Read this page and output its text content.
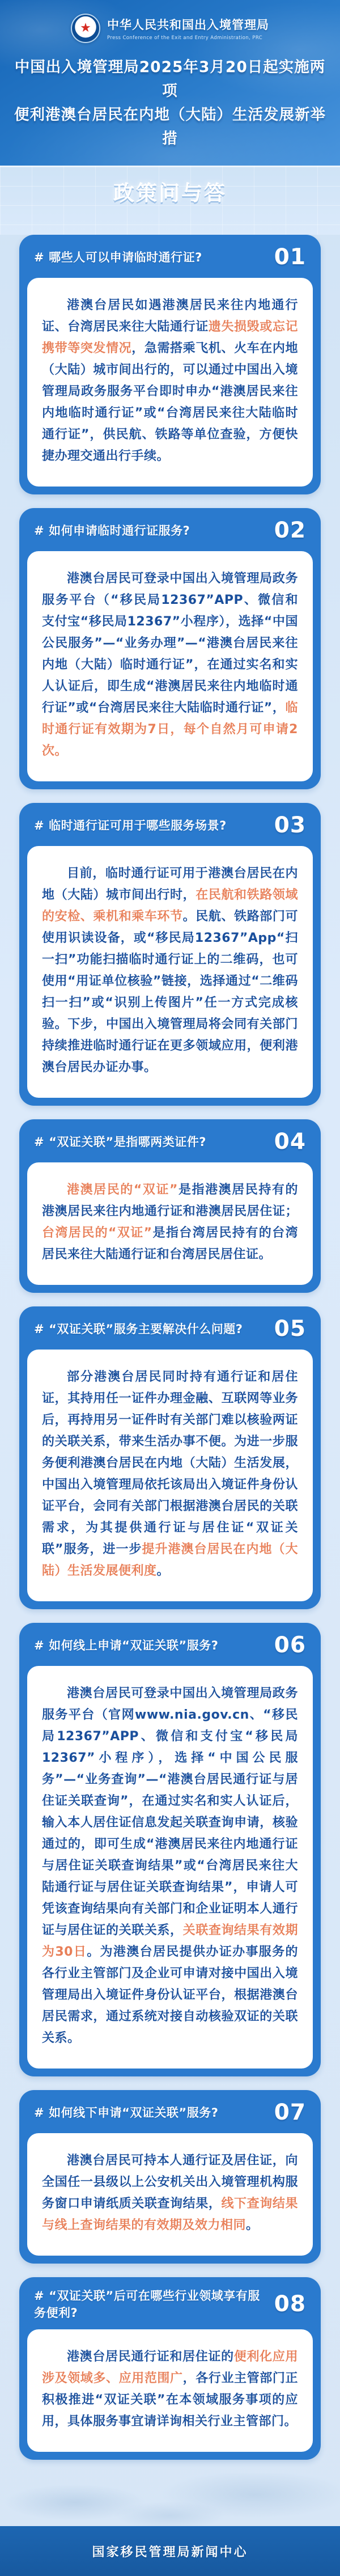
★	中华人民共和国出入境管理局
Press Conference of the Exit and Entry Administration, PRC
中国出入境管理局2025年3月20日起实施两项
便利港澳台居民在内地（大陆）生活发展新举措
政策问与答
# 哪些人可以申请临时通行证?	01

港澳台居民如遇港澳居民来往内地通行证、台湾居民来往大陆通行证遗失损毁或忘记携带等突发情况，急需搭乘飞机、火车在内地（大陆）城市间出行的，可以通过中国出入境管理局政务服务平台即时申办“港澳居民来往内地临时通行证”或“台湾居民来往大陆临时通行证”，供民航、铁路等单位查验，方便快捷办理交通出行手续。

# 如何申请临时通行证服务?	02

港澳台居民可登录中国出入境管理局政务服务平台（“移民局12367”APP、微信和支付宝“移民局12367”小程序），选择“中国公民服务”—“业务办理”—“港澳台居民来往内地（大陆）临时通行证”，在通过实名和实人认证后，即生成“港澳居民来往内地临时通行证”或“台湾居民来往大陆临时通行证”，临时通行证有效期为7日，每个自然月可申请2次。

# 临时通行证可用于哪些服务场景? 03

目前，临时通行证可用于港澳台居民在内地（大陆）城市间出行时，在民航和铁路领域的安检、乘机和乘车环节。民航、铁路部门可使用识读设备，或“移民局12367”App“扫一扫”功能扫描临时通行证上的二维码，也可使用“用证单位核验”链接，选择通过“二维码扫一扫”或“识别上传图片”任一方式完成核验。下步，中国出入境管理局将会同有关部门持续推进临时通行证在更多领域应用，便利港澳台居民办证办事。

# “双证关联”是指哪两类证件?	04

港澳居民的“双证”是指港澳居民持有的港澳居民来往内地通行证和港澳居民居住证；台湾居民的“双证”是指台湾居民持有的台湾居民来往大陆通行证和台湾居民居住证。

# “双证关联”服务主要解决什么问题? 05

部分港澳台居民同时持有通行证和居住证，其持用任一证件办理金融、互联网等业务后，再持用另一证件时有关部门难以核验两证的关联关系，带来生活办事不便。为进一步服务便利港澳台居民在内地（大陆）生活发展，中国出入境管理局依托该局出入境证件身份认证平台，会同有关部门根据港澳台居民的关联需求，为其提供通行证与居住证“双证关联”服务，进一步提升港澳台居民在内地（大陆）生活发展便利度。

# 如何线上申请“双证关联”服务?	06

港澳台居民可登录中国出入境管理局政务服务平台（官网www.nia.gov.cn、“移民局12367”APP、微信和支付宝“移民局12367”小程序），选择“中国公民服务”—“业务查询”—“港澳台居民通行证与居住证关联查询”，在通过实名和实人认证后，输入本人居住证信息发起关联查询申请，核验通过的，即可生成“港澳居民来往内地通行证与居住证关联查询结果”或“台湾居民来往大陆通行证与居住证关联查询结果”，申请人可凭该查询结果向有关部门和企业证明本人通行证与居住证的关联关系，关联查询结果有效期为30日。为港澳台居民提供办证办事服务的各行业主管部门及企业可申请对接中国出入境管理局出入境证件身份认证平台，根据港澳台居民需求，通过系统对接自动核验双证的关联关系。

# 如何线下申请“双证关联”服务?	07

港澳台居民可持本人通行证及居住证，向全国任一县级以上公安机关出入境管理机构服务窗口申请纸质关联查询结果，线下查询结果与线上查询结果的有效期及效力相同。

# “双证关联”后可在哪些行业领域享有服务便利?	08

港澳台居民通行证和居住证的便利化应用涉及领域多、应用范围广，各行业主管部门正积极推进“双证关联”在本领域服务事项的应用，具体服务事宜请详询相关行业主管部门。

国家移民管理局新闻中心
